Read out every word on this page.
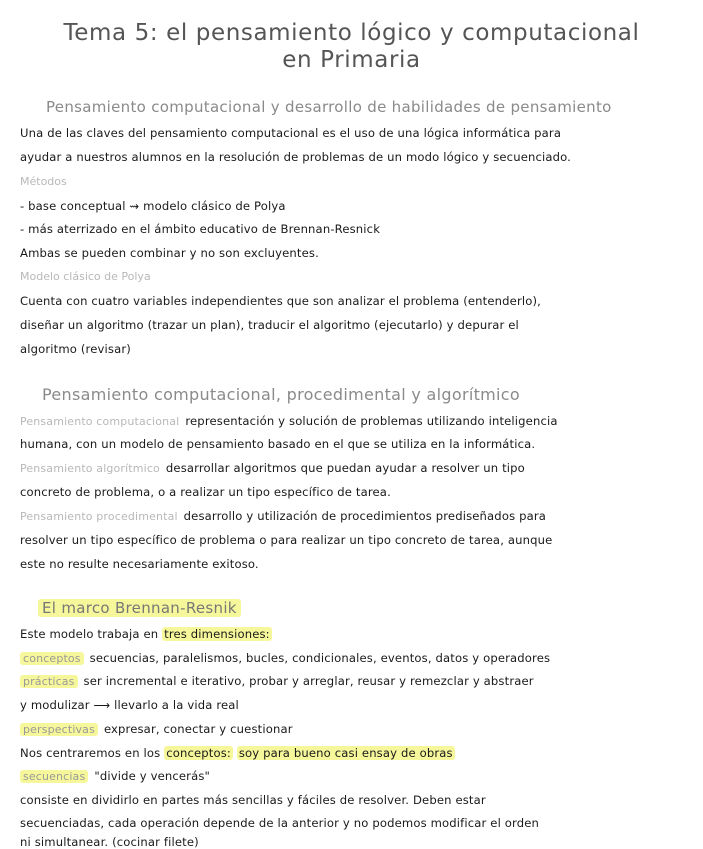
Tema 5: el pensamiento lógico y computacional
en Primaria
Pensamiento computacional y desarrollo de habilidades de pensamiento
Una de las claves del pensamiento computacional es el uso de una lógica informática para
ayudar a nuestros alumnos en la resolución de problemas de un modo lógico y secuenciado.
Métodos
- base conceptual ⇝ modelo clásico de Polya
- más aterrizado en el ámbito educativo de Brennan-Resnick
Ambas se pueden combinar y no son excluyentes.
Modelo clásico de Polya
Cuenta con cuatro variables independientes que son analizar el problema (entenderlo),
diseñar un algoritmo (trazar un plan), traducir el algoritmo (ejecutarlo) y depurar el
algoritmo (revisar)
Pensamiento computacional, procedimental y algorítmico
Pensamiento computacional representación y solución de problemas utilizando inteligencia
humana, con un modelo de pensamiento basado en el que se utiliza en la informática.
Pensamiento algorítmico desarrollar algoritmos que puedan ayudar a resolver un tipo
concreto de problema, o a realizar un tipo específico de tarea.
Pensamiento procedimental desarrollo y utilización de procedimientos prediseñados para
resolver un tipo específico de problema o para realizar un tipo concreto de tarea, aunque
este no resulte necesariamente exitoso.
El marco Brennan-Resnik
Este modelo trabaja en tres dimensiones:
conceptos secuencias, paralelismos, bucles, condicionales, eventos, datos y operadores
prácticas ser incremental e iterativo, probar y arreglar, reusar y remezclar y abstraer
y modulizar ⟶ llevarlo a la vida real
perspectivas expresar, conectar y cuestionar
Nos centraremos en los conceptos: soy para bueno casi ensay de obras
secuencias "divide y vencerás"
consiste en dividirlo en partes más sencillas y fáciles de resolver. Deben estar
secuenciadas, cada operación depende de la anterior y no podemos modificar el orden
ni simultanear. (cocinar filete)
